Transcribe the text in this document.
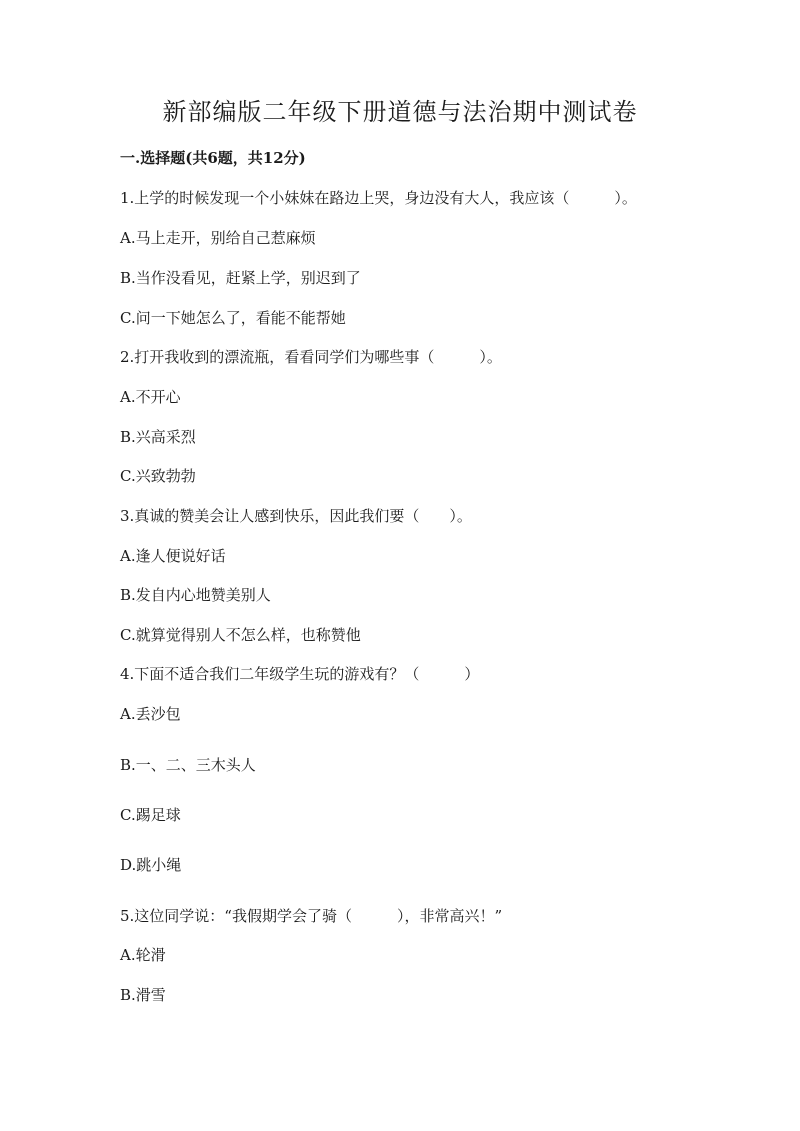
新部编版二年级下册道德与法治期中测试卷
一.选择题(共6题，共12分)
1.上学的时候发现一个小妹妹在路边上哭，身边没有大人，我应该（　　　）。
A.马上走开，别给自己惹麻烦
B.当作没看见，赶紧上学，别迟到了
C.问一下她怎么了，看能不能帮她
2.打开我收到的漂流瓶，看看同学们为哪些事（　　　）。
A.不开心
B.兴高采烈
C.兴致勃勃
3.真诚的赞美会让人感到快乐，因此我们要（　　）。
A.逢人便说好话
B.发自内心地赞美别人
C.就算觉得别人不怎么样，也称赞他
4.下面不适合我们二年级学生玩的游戏有？（　　　）
A.丢沙包
B.一、二、三木头人
C.踢足球
D.跳小绳
5.这位同学说：“我假期学会了骑（　　　），非常高兴！”
A.轮滑
B.滑雪
